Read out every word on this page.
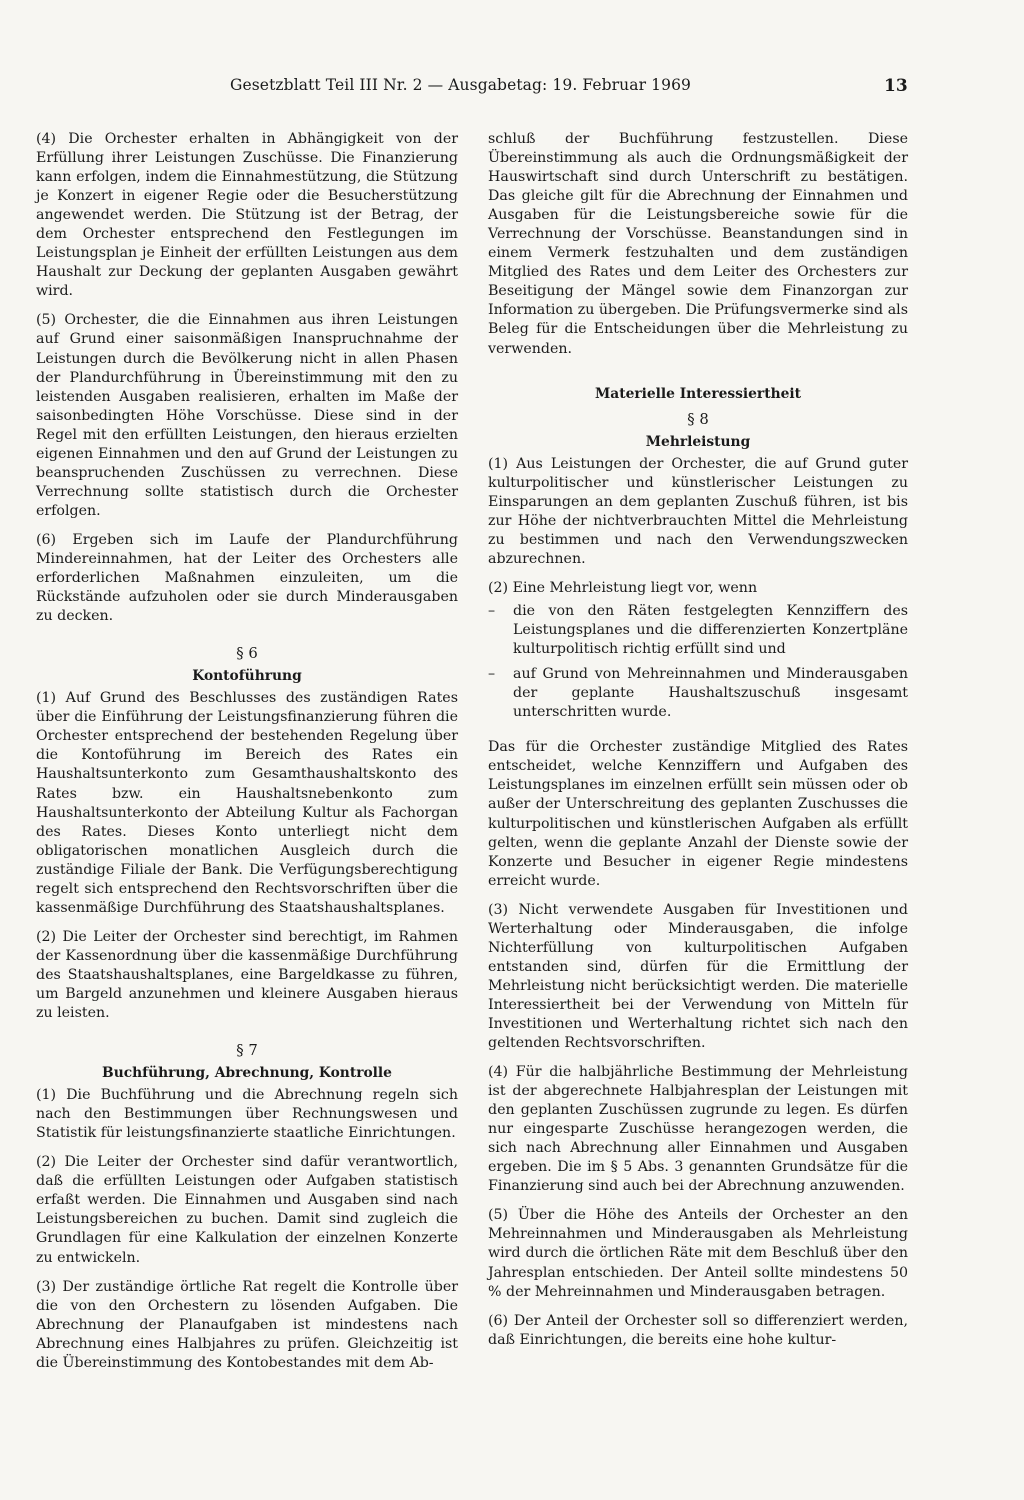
Gesetzblatt Teil III Nr. 2 — Ausgabetag: 19. Februar 1969	13

(4) Die Orchester erhalten in Abhängigkeit von der Erfüllung ihrer Leistungen Zuschüsse. Die Finanzierung kann erfolgen, indem die Einnahmestützung, die Stützung je Konzert in eigener Regie oder die Besucherstützung angewendet werden. Die Stützung ist der Betrag, der dem Orchester entsprechend den Festlegungen im Leistungsplan je Einheit der erfüllten Leistungen aus dem Haushalt zur Deckung der geplanten Ausgaben gewährt wird.

(5) Orchester, die die Einnahmen aus ihren Leistungen auf Grund einer saisonmäßigen Inanspruchnahme der Leistungen durch die Bevölkerung nicht in allen Phasen der Plandurchführung in Übereinstimmung mit den zu leistenden Ausgaben realisieren, erhalten im Maße der saisonbedingten Höhe Vorschüsse. Diese sind in der Regel mit den erfüllten Leistungen, den hieraus erzielten eigenen Einnahmen und den auf Grund der Leistungen zu beanspruchenden Zuschüssen zu verrechnen. Diese Verrechnung sollte statistisch durch die Orchester erfolgen.

(6) Ergeben sich im Laufe der Plandurchführung Mindereinnahmen, hat der Leiter des Orchesters alle erforderlichen Maßnahmen einzuleiten, um die Rückstände aufzuholen oder sie durch Minderausgaben zu decken.

§ 6
Kontoführung

(1) Auf Grund des Beschlusses des zuständigen Rates über die Einführung der Leistungsfinanzierung führen die Orchester entsprechend der bestehenden Regelung über die Kontoführung im Bereich des Rates ein Haushaltsunterkonto zum Gesamthaushaltskonto des Rates bzw. ein Haushaltsnebenkonto zum Haushaltsunterkonto der Abteilung Kultur als Fachorgan des Rates. Dieses Konto unterliegt nicht dem obligatorischen monatlichen Ausgleich durch die zuständige Filiale der Bank. Die Verfügungsberechtigung regelt sich entsprechend den Rechtsvorschriften über die kassenmäßige Durchführung des Staatshaushaltsplanes.

(2) Die Leiter der Orchester sind berechtigt, im Rahmen der Kassenordnung über die kassenmäßige Durchführung des Staatshaushaltsplanes, eine Bargeldkasse zu führen, um Bargeld anzunehmen und kleinere Ausgaben hieraus zu leisten.

§ 7
Buchführung, Abrechnung, Kontrolle

(1) Die Buchführung und die Abrechnung regeln sich nach den Bestimmungen über Rechnungswesen und Statistik für leistungsfinanzierte staatliche Einrichtungen.

(2) Die Leiter der Orchester sind dafür verantwortlich, daß die erfüllten Leistungen oder Aufgaben statistisch erfaßt werden. Die Einnahmen und Ausgaben sind nach Leistungsbereichen zu buchen. Damit sind zugleich die Grundlagen für eine Kalkulation der einzelnen Konzerte zu entwickeln.

(3) Der zuständige örtliche Rat regelt die Kontrolle über die von den Orchestern zu lösenden Aufgaben. Die Abrechnung der Planaufgaben ist mindestens nach Abrechnung eines Halbjahres zu prüfen. Gleichzeitig ist die Übereinstimmung des Kontobestandes mit dem Ab-

schluß der Buchführung festzustellen. Diese Übereinstimmung als auch die Ordnungsmäßigkeit der Hauswirtschaft sind durch Unterschrift zu bestätigen. Das gleiche gilt für die Abrechnung der Einnahmen und Ausgaben für die Leistungsbereiche sowie für die Verrechnung der Vorschüsse. Beanstandungen sind in einem Vermerk festzuhalten und dem zuständigen Mitglied des Rates und dem Leiter des Orchesters zur Beseitigung der Mängel sowie dem Finanzorgan zur Information zu übergeben. Die Prüfungsvermerke sind als Beleg für die Entscheidungen über die Mehrleistung zu verwenden.

Materielle Interessiertheit
§ 8
Mehrleistung

(1) Aus Leistungen der Orchester, die auf Grund guter kulturpolitischer und künstlerischer Leistungen zu Einsparungen an dem geplanten Zuschuß führen, ist bis zur Höhe der nichtverbrauchten Mittel die Mehrleistung zu bestimmen und nach den Verwendungszwecken abzurechnen.

(2) Eine Mehrleistung liegt vor, wenn

– die von den Räten festgelegten Kennziffern des Leistungsplanes und die differenzierten Konzertpläne kulturpolitisch richtig erfüllt sind und
– auf Grund von Mehreinnahmen und Minderausgaben der geplante Haushaltszuschuß insgesamt unterschritten wurde.

Das für die Orchester zuständige Mitglied des Rates entscheidet, welche Kennziffern und Aufgaben des Leistungsplanes im einzelnen erfüllt sein müssen oder ob außer der Unterschreitung des geplanten Zuschusses die kulturpolitischen und künstlerischen Aufgaben als erfüllt gelten, wenn die geplante Anzahl der Dienste sowie der Konzerte und Besucher in eigener Regie mindestens erreicht wurde.

(3) Nicht verwendete Ausgaben für Investitionen und Werterhaltung oder Minderausgaben, die infolge Nichterfüllung von kulturpolitischen Aufgaben entstanden sind, dürfen für die Ermittlung der Mehrleistung nicht berücksichtigt werden. Die materielle Interessiertheit bei der Verwendung von Mitteln für Investitionen und Werterhaltung richtet sich nach den geltenden Rechtsvorschriften.

(4) Für die halbjährliche Bestimmung der Mehrleistung ist der abgerechnete Halbjahresplan der Leistungen mit den geplanten Zuschüssen zugrunde zu legen. Es dürfen nur eingesparte Zuschüsse herangezogen werden, die sich nach Abrechnung aller Einnahmen und Ausgaben ergeben. Die im § 5 Abs. 3 genannten Grundsätze für die Finanzierung sind auch bei der Abrechnung anzuwenden.

(5) Über die Höhe des Anteils der Orchester an den Mehreinnahmen und Minderausgaben als Mehrleistung wird durch die örtlichen Räte mit dem Beschluß über den Jahresplan entschieden. Der Anteil sollte mindestens 50 % der Mehreinnahmen und Minderausgaben betragen.

(6) Der Anteil der Orchester soll so differenziert werden, daß Einrichtungen, die bereits eine hohe kultur-
